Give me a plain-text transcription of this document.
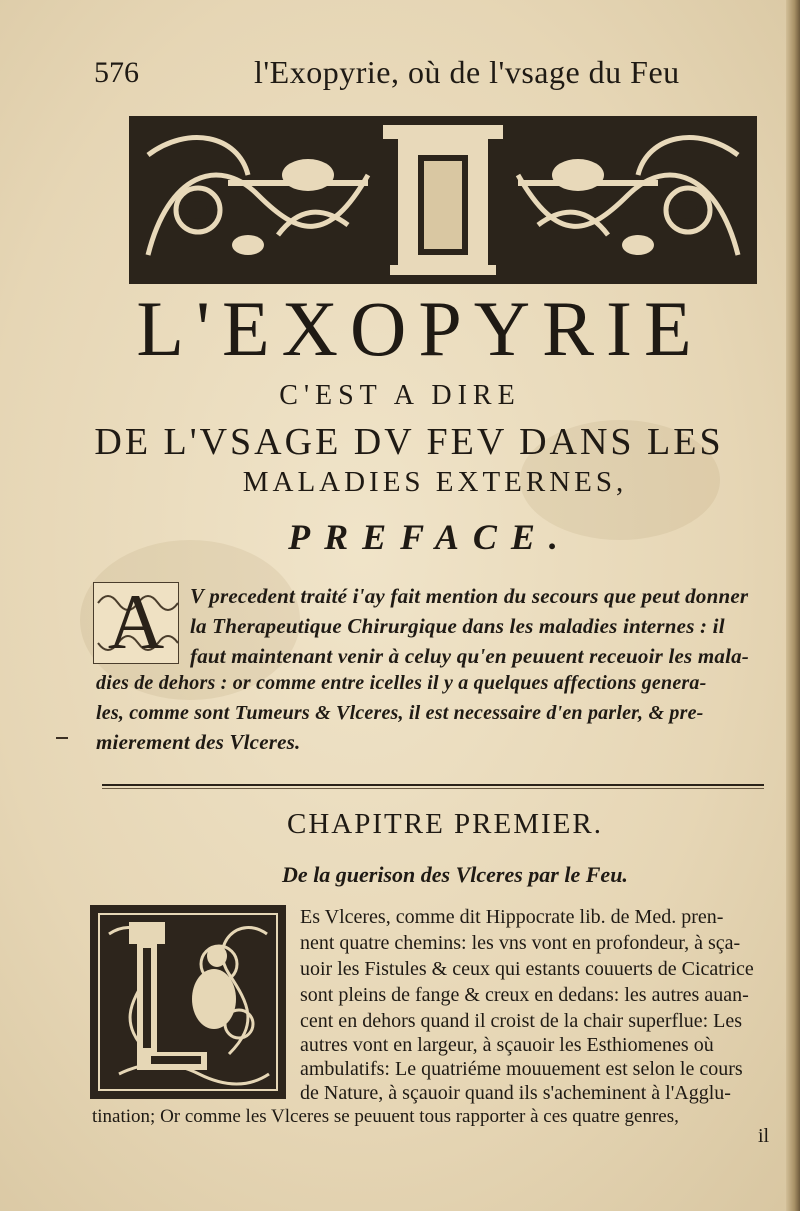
576	l'Exopyrie, où de l'vsage du Feu
L'EXOPYRIE
C'EST A DIRE
DE L'VSAGE DV FEV DANS LES
MALADIES EXTERNES,
PREFACE.
A	V precedent traité i'ay fait mention du secours que peut donner
la Therapeutique Chirurgique dans les maladies internes : il
faut maintenant venir à celuy qu'en peuuent receuoir les mala-
dies de dehors : or comme entre icelles il y a quelques affections genera-
les, comme sont Tumeurs & Vlceres, il est necessaire d'en parler, & pre-
mierement des Vlceres.
CHAPITRE PREMIER.
De la guerison des Vlceres par le Feu.
Es Vlceres, comme dit Hippocrate lib. de Med. pren-
nent quatre chemins: les vns vont en profondeur, à sça-
uoir les Fistules & ceux qui estants couuerts de Cicatrice
sont pleins de fange & creux en dedans: les autres auan-
cent en dehors quand il croist de la chair superflue: Les
autres vont en largeur, à sçauoir les Esthiomenes où
ambulatifs: Le quatriéme mouuement est selon le cours
de Nature, à sçauoir quand ils s'acheminent à l'Agglu-
tination; Or comme les Vlceres se peuuent tous rapporter à ces quatre genres,
il
